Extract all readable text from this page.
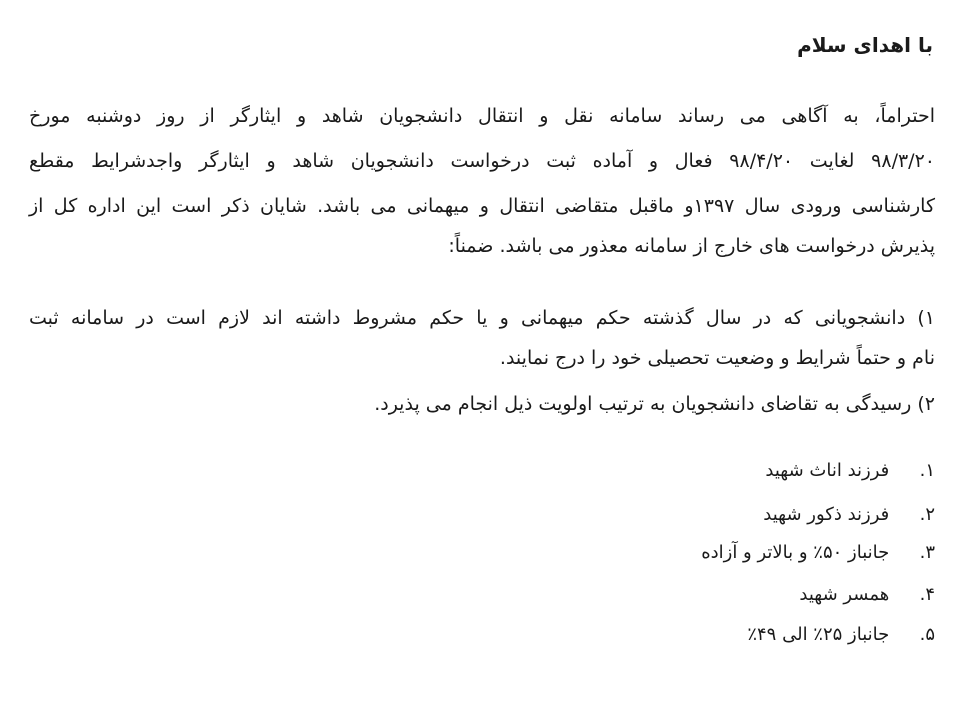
با اهدای سلام
احتراماً، به آگاهی می رساند سامانه نقل و انتقال دانشجویان شاهد و ایثارگر از روز دوشنبه مورخ
۹۸/۳/۲۰ لغایت ۹۸/۴/۲۰ فعال و آماده ثبت درخواست دانشجویان شاهد و ایثارگر واجدشرایط مقطع
کارشناسی ورودی سال ۱۳۹۷و ماقبل متقاضی انتقال و میهمانی می باشد. شایان ذکر است این اداره کل از
پذیرش درخواست های خارج از سامانه معذور می باشد. ضمناً:
۱) دانشجویانی که در سال گذشته حکم میهمانی و یا حکم مشروط داشته اند لازم است در سامانه ثبت
نام و حتماً شرایط و وضعیت تحصیلی خود را درج نمایند.
۲) رسیدگی به تقاضای دانشجویان به ترتیب اولویت ذیل انجام می پذیرد.
۱. فرزند اناث شهید
۲. فرزند ذکور شهید
۳. جانباز ۵۰٪ و بالاتر و آزاده
۴. همسر شهید
۵. جانباز ۲۵٪ الی ۴۹٪
